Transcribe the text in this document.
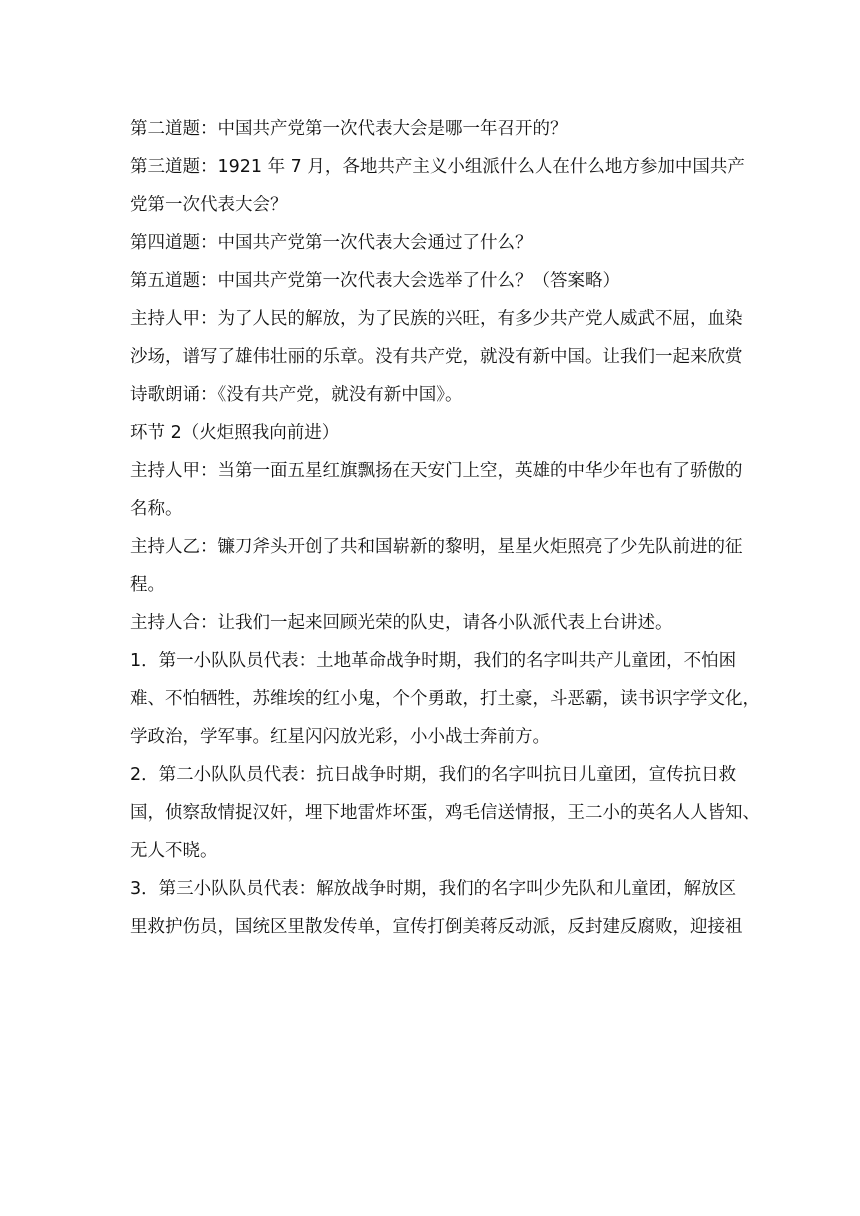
第二道题：中国共产党第一次代表大会是哪一年召开的？

第三道题：1921 年 7 月，各地共产主义小组派什么人在什么地方参加中国共产
党第一次代表大会？

第四道题：中国共产党第一次代表大会通过了什么？

第五道题：中国共产党第一次代表大会选举了什么？（答案略）

主持人甲：为了人民的解放，为了民族的兴旺，有多少共产党人威武不屈，血染
沙场，谱写了雄伟壮丽的乐章。没有共产党，就没有新中国。让我们一起来欣赏
诗歌朗诵：《没有共产党，就没有新中国》。

环节 2（火炬照我向前进）

主持人甲：当第一面五星红旗飘扬在天安门上空，英雄的中华少年也有了骄傲的
名称。

主持人乙：镰刀斧头开创了共和国崭新的黎明，星星火炬照亮了少先队前进的征
程。

主持人合：让我们一起来回顾光荣的队史，请各小队派代表上台讲述。

1．第一小队队员代表：土地革命战争时期，我们的名字叫共产儿童团，不怕困
难、不怕牺牲，苏维埃的红小鬼，个个勇敢，打土豪，斗恶霸，读书识字学文化，
学政治，学军事。红星闪闪放光彩，小小战士奔前方。

2．第二小队队员代表：抗日战争时期，我们的名字叫抗日儿童团，宣传抗日救
国，侦察敌情捉汉奸，埋下地雷炸坏蛋，鸡毛信送情报，王二小的英名人人皆知、
无人不晓。

3．第三小队队员代表：解放战争时期，我们的名字叫少先队和儿童团，解放区
里救护伤员，国统区里散发传单，宣传打倒美蒋反动派，反封建反腐败，迎接祖
